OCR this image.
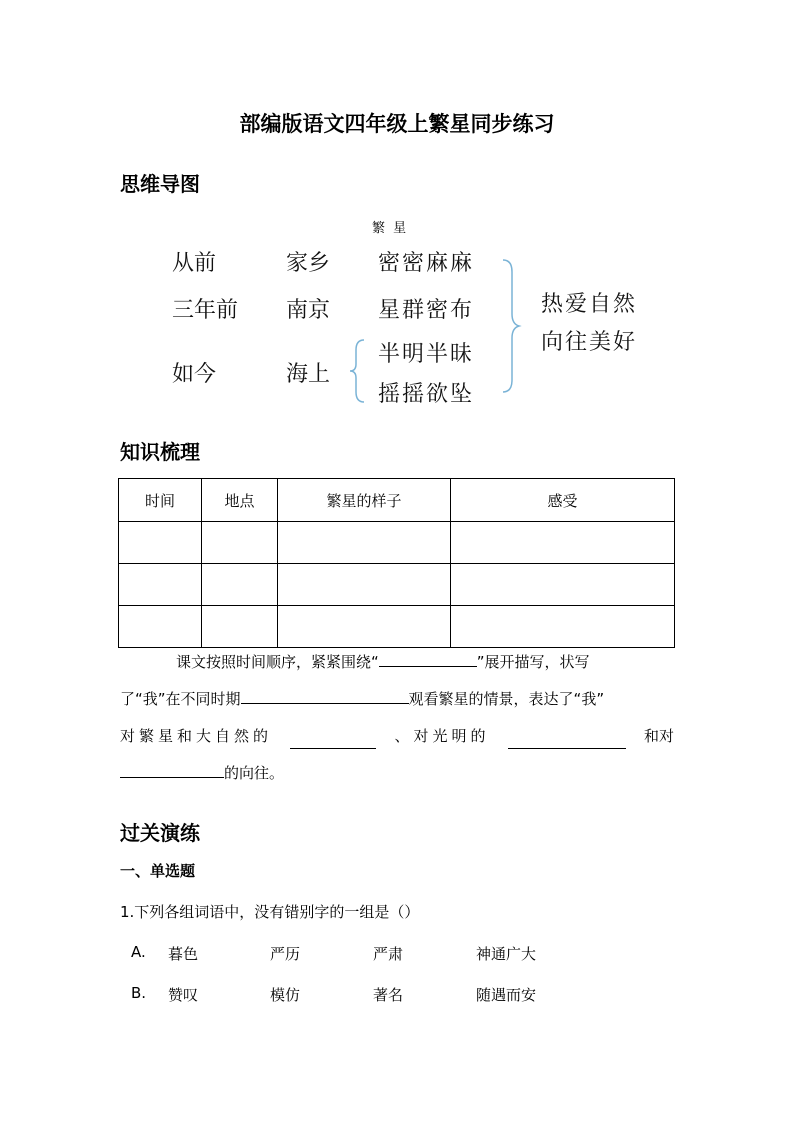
部编版语文四年级上繁星同步练习
思维导图
繁 星
从前	家乡 密密麻麻
三年前 南京 星群密布
如今	海上
半明半昧
摇摇欲坠
热爱自然
向往美好
知识梳理
时间	地点	繁星的样子	感受

课文按照时间顺序，紧紧围绕“	”展开描写，状写
了“我”在不同时期	观看繁星的情景，表达了“我”
对繁星和大自然的	、对光明的	和对
的向往。
过关演练
一、单选题
1.下列各组词语中，没有错别字的一组是（）
A. 暮色	严历	严肃	神通广大
B. 赞叹	模仿	著名	随遇而安
